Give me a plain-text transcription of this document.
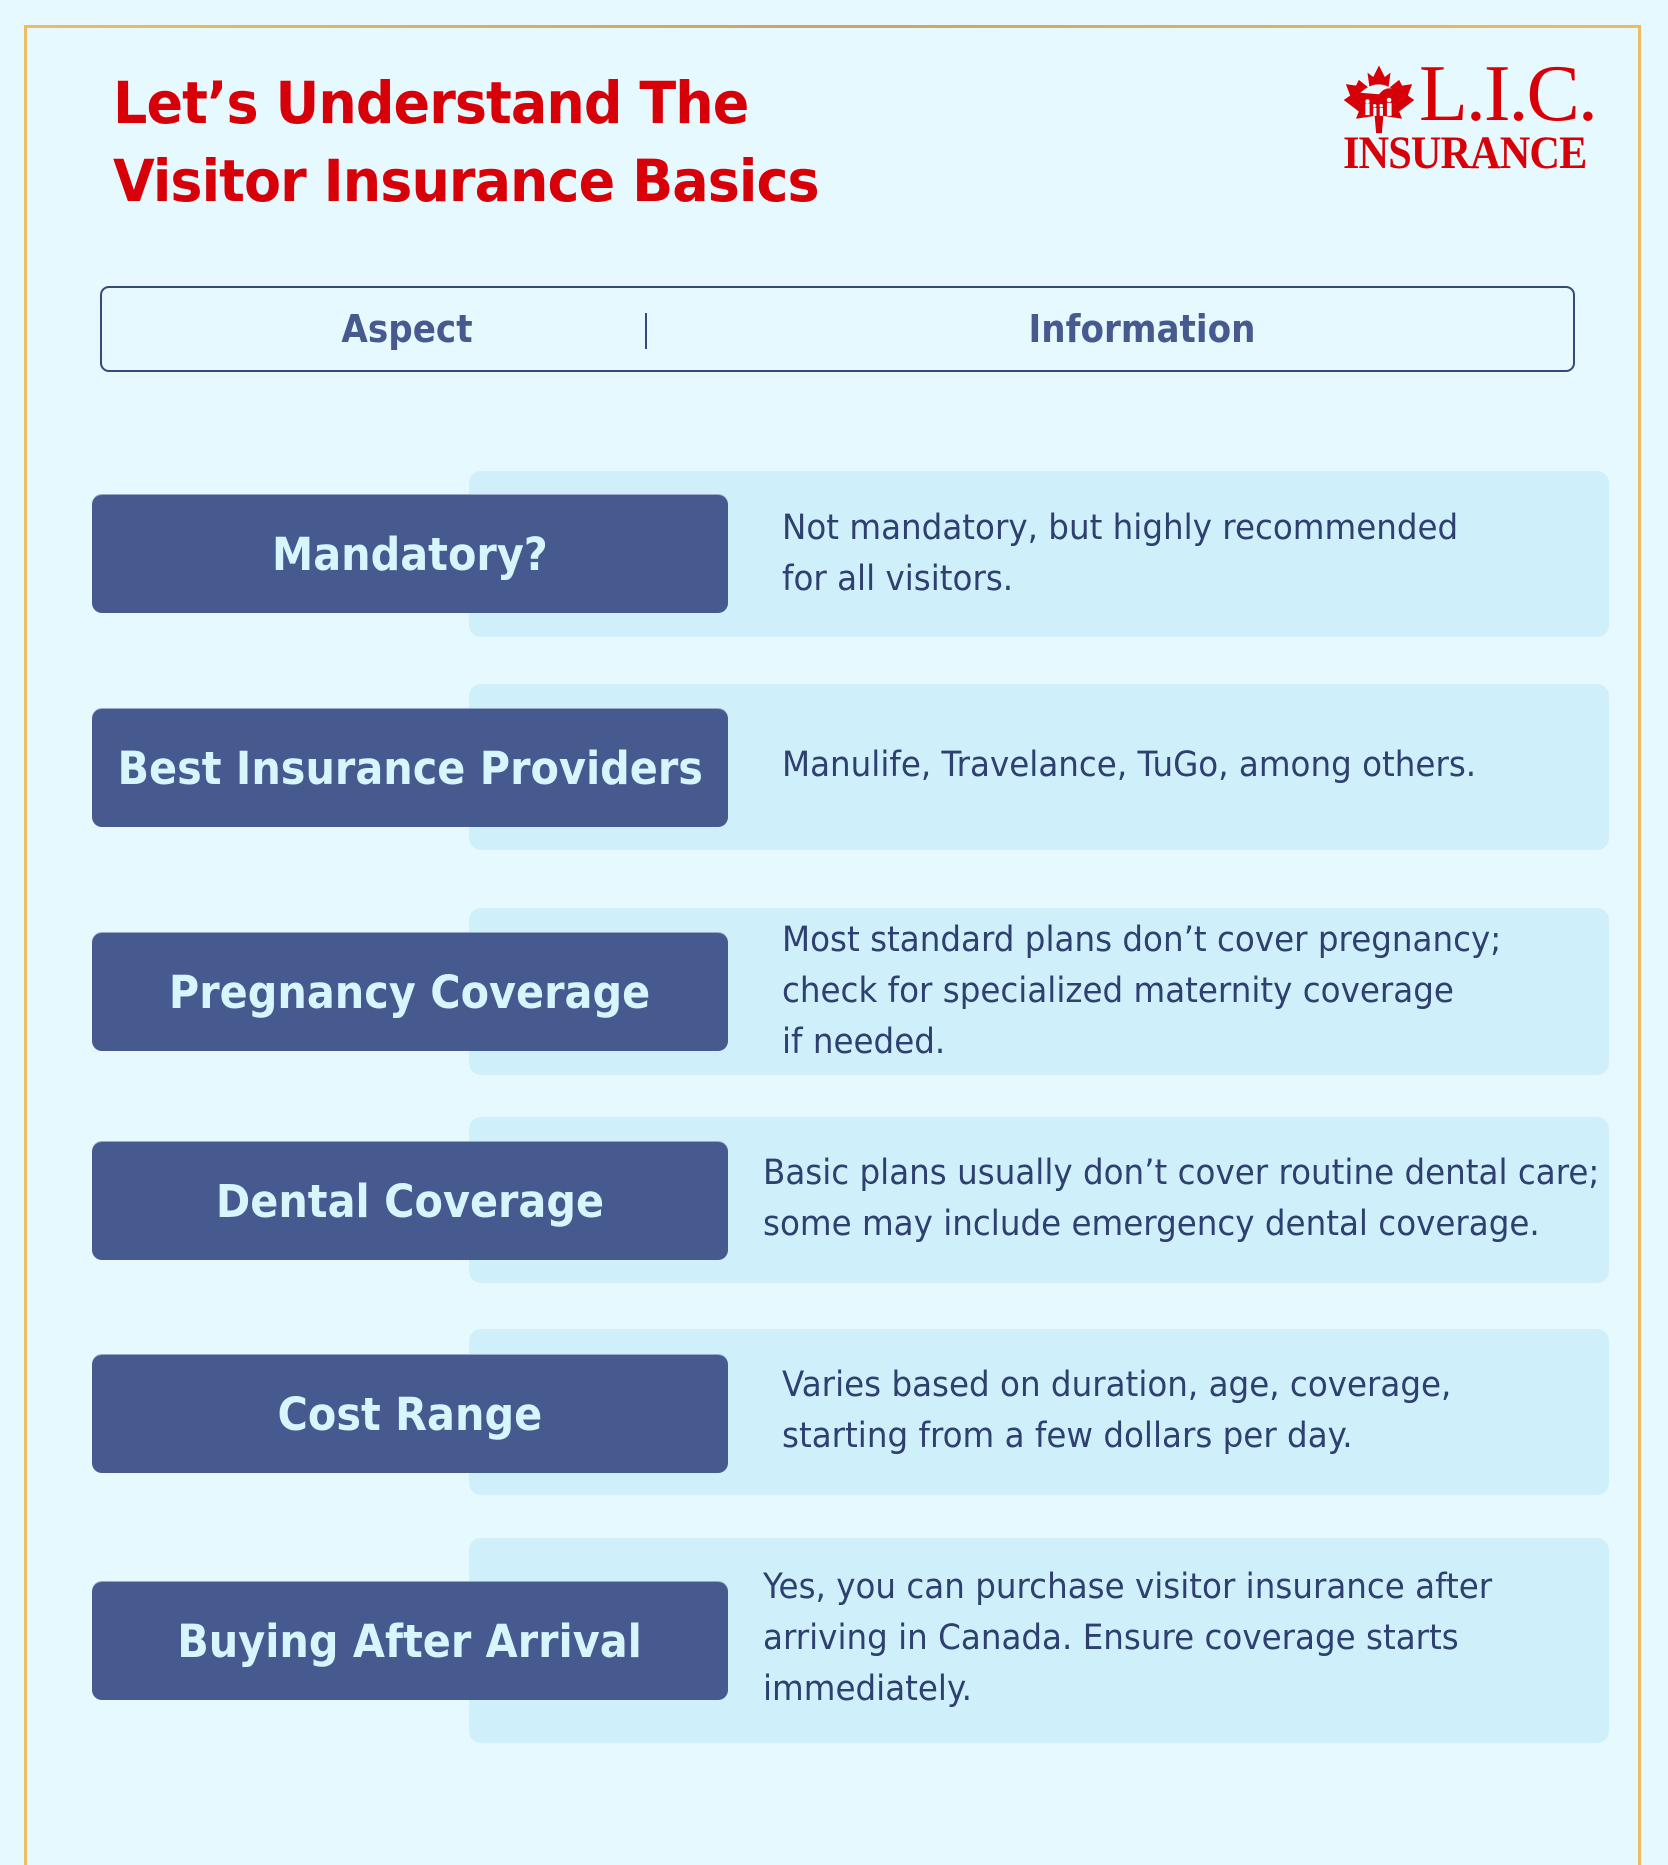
Let’s Understand The
Visitor Insurance Basics
L.I.C.
INSURANCE
Aspect	Information
Mandatory?	Not mandatory, but highly recommended
for all visitors.
Best Insurance Providers Manulife, Travelance, TuGo, among others.
Pregnancy Coverage
Most standard plans don’t cover pregnancy;
check for specialized maternity coverage
if needed.
Dental Coverage
Basic plans usually don’t cover routine dental care;
some may include emergency dental coverage.
Cost Range
Varies based on duration, age, coverage,
starting from a few dollars per day.
Buying After Arrival
Yes, you can purchase visitor insurance after
arriving in Canada. Ensure coverage starts
immediately.
